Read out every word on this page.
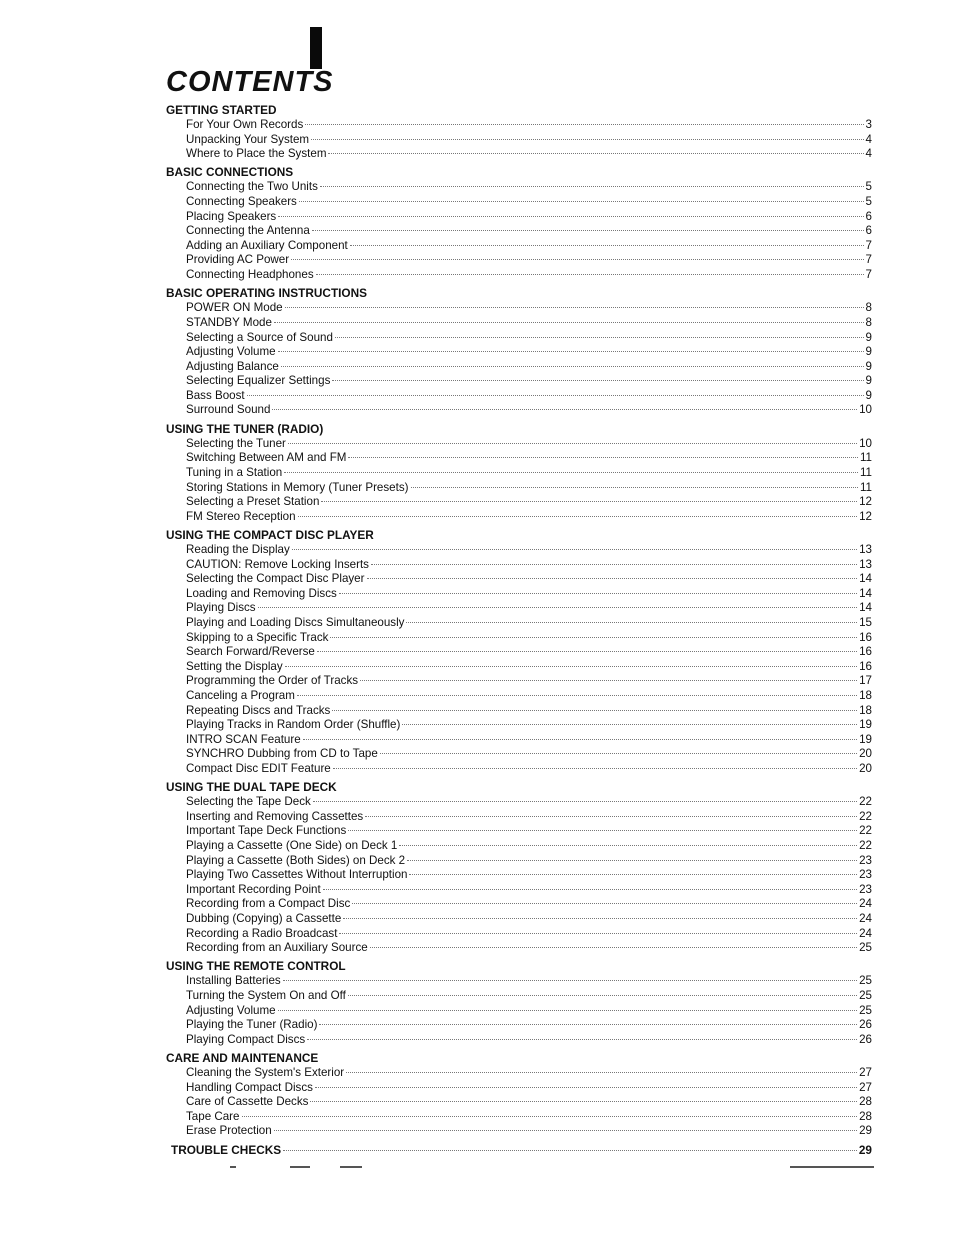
CONTENTS
GETTING STARTED
For Your Own Records	3
Unpacking Your System	4
Where to Place the System	4
BASIC CONNECTIONS
Connecting the Two Units	5
Connecting Speakers	5
Placing Speakers	6
Connecting the Antenna	6
Adding an Auxiliary Component	7
Providing AC Power	7
Connecting Headphones	7
BASIC OPERATING INSTRUCTIONS
POWER ON Mode	8
STANDBY Mode	8
Selecting a Source of Sound	9
Adjusting Volume	9
Adjusting Balance	9
Selecting Equalizer Settings	9
Bass Boost	9
Surround Sound	10
USING THE TUNER (RADIO)
Selecting the Tuner	10
Switching Between AM and FM	11
Tuning in a Station	11
Storing Stations in Memory (Tuner Presets)	11
Selecting a Preset Station	12
FM Stereo Reception	12
USING THE COMPACT DISC PLAYER
Reading the Display	13
CAUTION: Remove Locking Inserts	13
Selecting the Compact Disc Player	14
Loading and Removing Discs	14
Playing Discs	14
Playing and Loading Discs Simultaneously	15
Skipping to a Specific Track	16
Search Forward/Reverse	16
Setting the Display	16
Programming the Order of Tracks	17
Canceling a Program	18
Repeating Discs and Tracks	18
Playing Tracks in Random Order (Shuffle)	19
INTRO SCAN Feature	19
SYNCHRO Dubbing from CD to Tape	20
Compact Disc EDIT Feature	20
USING THE DUAL TAPE DECK
Selecting the Tape Deck	22
Inserting and Removing Cassettes	22
Important Tape Deck Functions	22
Playing a Cassette (One Side) on Deck 1	22
Playing a Cassette (Both Sides) on Deck 2	23
Playing Two Cassettes Without Interruption	23
Important Recording Point	23
Recording from a Compact Disc	24
Dubbing (Copying) a Cassette	24
Recording a Radio Broadcast	24
Recording from an Auxiliary Source	25
USING THE REMOTE CONTROL
Installing Batteries	25
Turning the System On and Off	25
Adjusting Volume	25
Playing the Tuner (Radio)	26
Playing Compact Discs	26
CARE AND MAINTENANCE
Cleaning the System's Exterior	27
Handling Compact Discs	27
Care of Cassette Decks	28
Tape Care	28
Erase Protection	29
TROUBLE CHECKS	29
